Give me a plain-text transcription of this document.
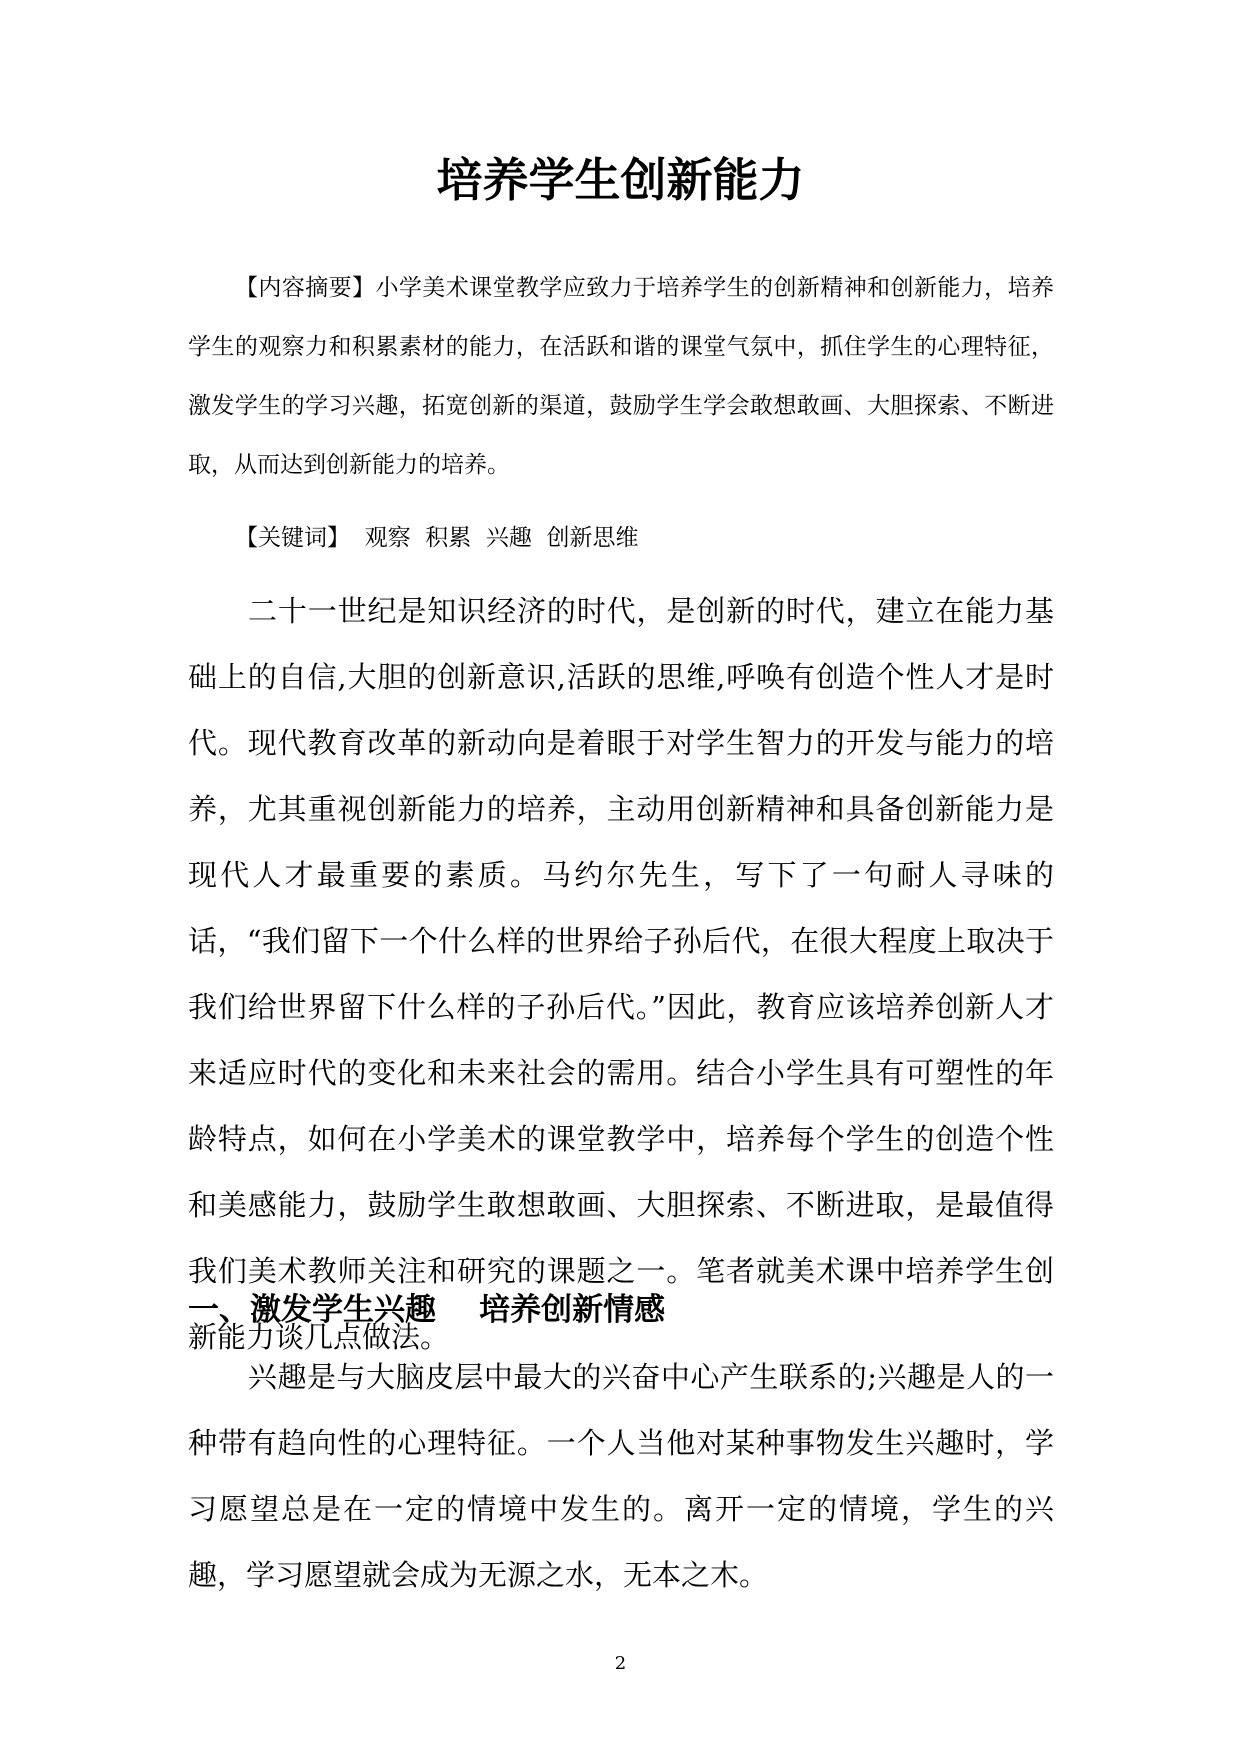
培养学生创新能力

【内容摘要】小学美术课堂教学应致力于培养学生的创新精神和创新能力，培养学生的观察力和积累素材的能力，在活跃和谐的课堂气氛中，抓住学生的心理特征，激发学生的学习兴趣，拓宽创新的渠道，鼓励学生学会敢想敢画、大胆探索、不断进取，从而达到创新能力的培养。

【关键词】  观察  积累  兴趣  创新思维

二十一世纪是知识经济的时代，是创新的时代，建立在能力基础上的自信,大胆的创新意识,活跃的思维,呼唤有创造个性人才是时代。现代教育改革的新动向是着眼于对学生智力的开发与能力的培养，尤其重视创新能力的培养，主动用创新精神和具备创新能力是现代人才最重要的素质。马约尔先生，写下了一句耐人寻味的话，“我们留下一个什么样的世界给子孙后代，在很大程度上取决于我们给世界留下什么样的子孙后代。”因此，教育应该培养创新人才来适应时代的变化和未来社会的需用。结合小学生具有可塑性的年龄特点，如何在小学美术的课堂教学中，培养每个学生的创造个性和美感能力，鼓励学生敢想敢画、大胆探索、不断进取，是最值得我们美术教师关注和研究的课题之一。笔者就美术课中培养学生创新能力谈几点做法。

一、激发学生兴趣    培养创新情感

兴趣是与大脑皮层中最大的兴奋中心产生联系的;兴趣是人的一种带有趋向性的心理特征。一个人当他对某种事物发生兴趣时，学习愿望总是在一定的情境中发生的。离开一定的情境，学生的兴趣，学习愿望就会成为无源之水，无本之木。

2
